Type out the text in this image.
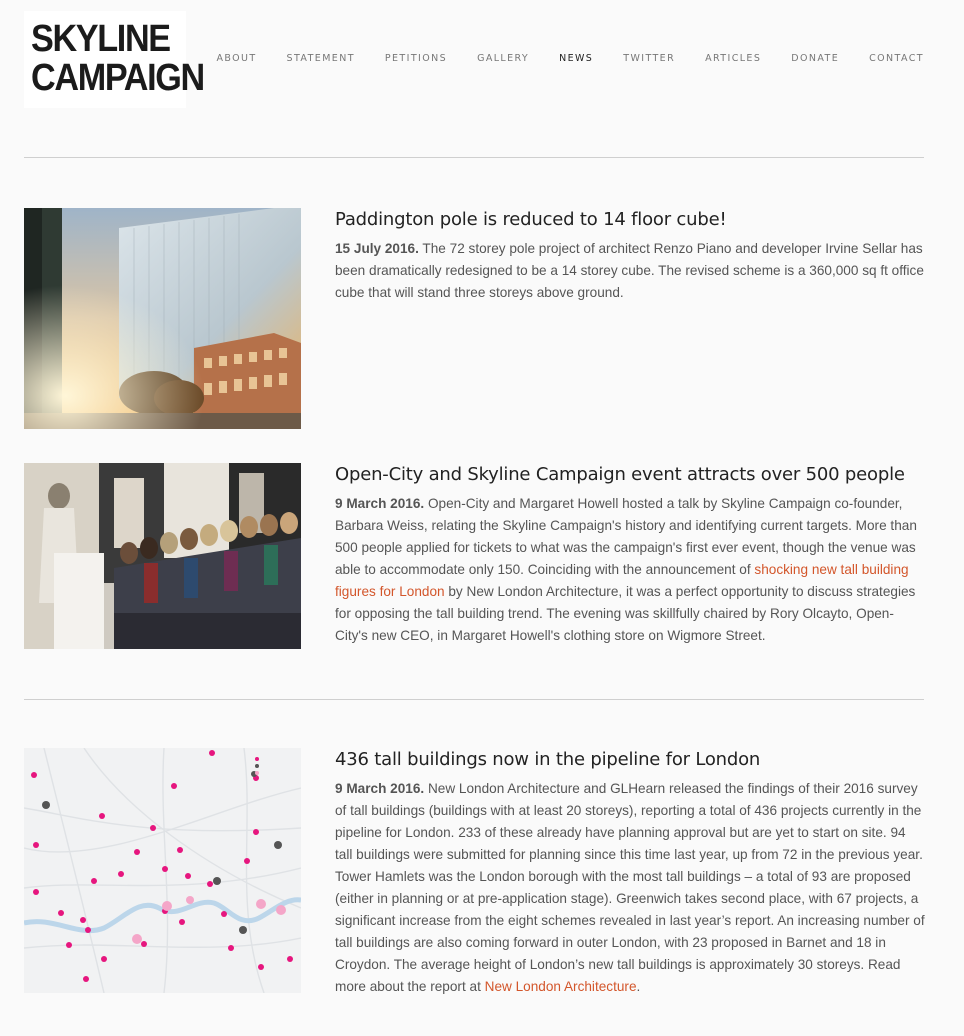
SKYLINE
CAMPAIGN ABOUT	STATEMENT	PETITIONS	GALLERY	NEWS	TWITTER	ARTICLES	DONATE	CONTACT
Paddington pole is reduced to 14 floor cube!
15 July 2016. The 72 storey pole project of architect Renzo Piano and developer Irvine Sellar has been dramatically redesigned to be a 14 storey cube. The revised scheme is a 360,000 sq ft office cube that will stand three storeys above ground.
Open-City and Skyline Campaign event attracts over 500 people
9 March 2016. Open-City and Margaret Howell hosted a talk by Skyline Campaign co-founder, Barbara Weiss, relating the Skyline Campaign's history and identifying current targets. More than 500 people applied for tickets to what was the campaign's first ever event, though the venue was able to accommodate only 150. Coinciding with the announcement of shocking new tall building figures for London by New London Architecture, it was a perfect opportunity to discuss strategies for opposing the tall building trend. The evening was skillfully chaired by Rory Olcayto, Open-City's new CEO, in Margaret Howell's clothing store on Wigmore Street.
436 tall buildings now in the pipeline for London
9 March 2016. New London Architecture and GLHearn released the findings of their 2016 survey of tall buildings (buildings with at least 20 storeys), reporting a total of 436 projects currently in the pipeline for London. 233 of these already have planning approval but are yet to start on site. 94 tall buildings were submitted for planning since this time last year, up from 72 in the previous year. Tower Hamlets was the London borough with the most tall buildings – a total of 93 are proposed (either in planning or at pre-application stage). Greenwich takes second place, with 67 projects, a significant increase from the eight schemes revealed in last year’s report. An increasing number of tall buildings are also coming forward in outer London, with 23 proposed in Barnet and 18 in Croydon. The average height of London’s new tall buildings is approximately 30 storeys. Read more about the report at New London Architecture.
